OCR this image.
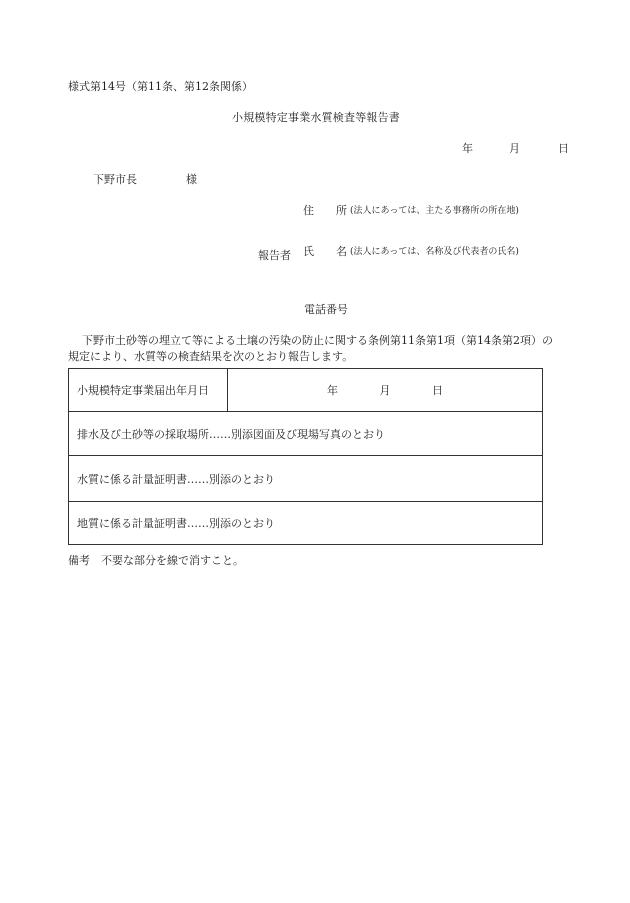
様式第14号（第11条、第12条関係）
小規模特定事業水質検査等報告書
年	月	日
下野市長	様
住　　所 (法人にあっては、主たる事務所の所在地)
報告者 氏　　名 (法人にあっては、名称及び代表者の氏名)
電話番号
下野市土砂等の埋立て等による土壌の汚染の防止に関する条例第11条第1項（第14条第2項）の
規定により、水質等の検査結果を次のとおり報告します。
小規模特定事業届出年月日	年	月	日
排水及び土砂等の採取場所……別添図面及び現場写真のとおり
水質に係る計量証明書……別添のとおり
地質に係る計量証明書……別添のとおり
備考　不要な部分を線で消すこと。
